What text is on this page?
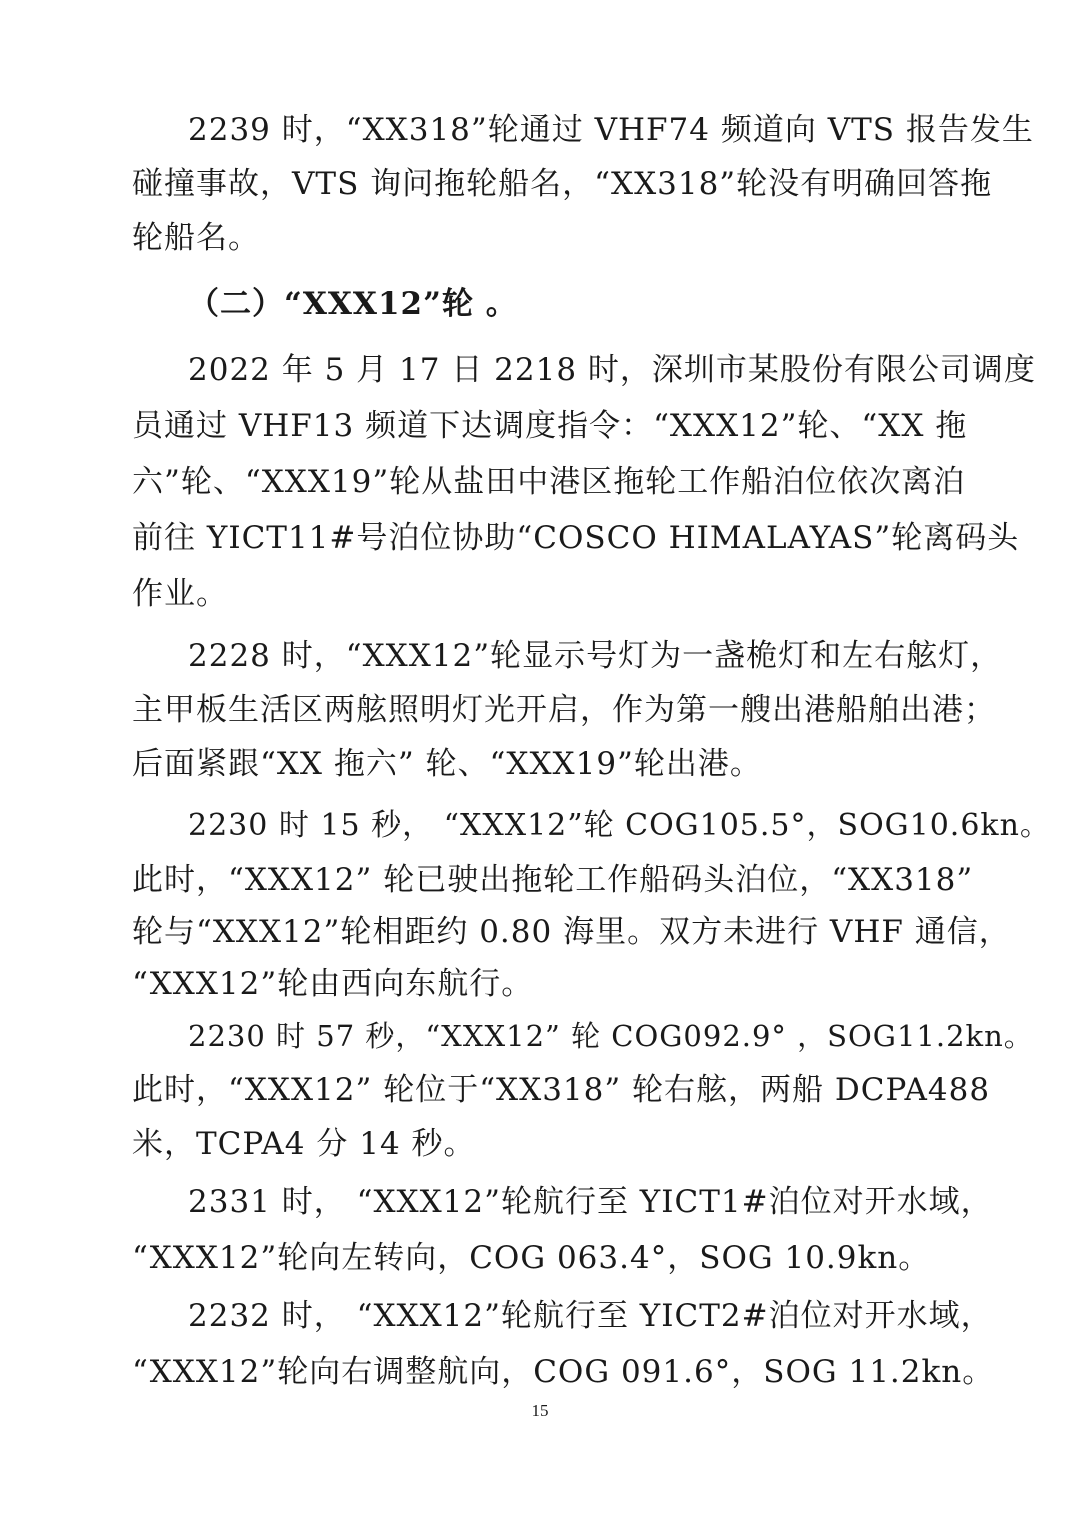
2239 时，“XX318”轮通过 VHF74 频道向 VTS 报告发生
碰撞事故，VTS 询问拖轮船名，“XX318”轮没有明确回答拖
轮船名。
（二）“XXX12”轮 。
2022 年 5 月 17 日 2218 时，深圳市某股份有限公司调度
员通过 VHF13 频道下达调度指令：“XXX12”轮、“XX 拖
六”轮、“XXX19”轮从盐田中港区拖轮工作船泊位依次离泊
前往 YICT11#号泊位协助“COSCO HIMALAYAS”轮离码头
作业。
2228 时，“XXX12”轮显示号灯为一盏桅灯和左右舷灯，
主甲板生活区两舷照明灯光开启，作为第一艘出港船舶出港；
后面紧跟“XX 拖六” 轮、“XXX19”轮出港。
2230 时 15 秒， “XXX12”轮 COG105.5°，SOG10.6kn。
此时，“XXX12” 轮已驶出拖轮工作船码头泊位，“XX318”
轮与“XXX12”轮相距约 0.80 海里。双方未进行 VHF 通信，
“XXX12”轮由西向东航行。
2230 时 57 秒，“XXX12” 轮 COG092.9° ，SOG11.2kn。
此时，“XXX12” 轮位于“XX318” 轮右舷，两船 DCPA488
米，TCPA4 分 14 秒。
2331 时， “XXX12”轮航行至 YICT1#泊位对开水域，
“XXX12”轮向左转向，COG 063.4°，SOG 10.9kn。
2232 时， “XXX12”轮航行至 YICT2#泊位对开水域，
“XXX12”轮向右调整航向，COG 091.6°，SOG 11.2kn。
15
